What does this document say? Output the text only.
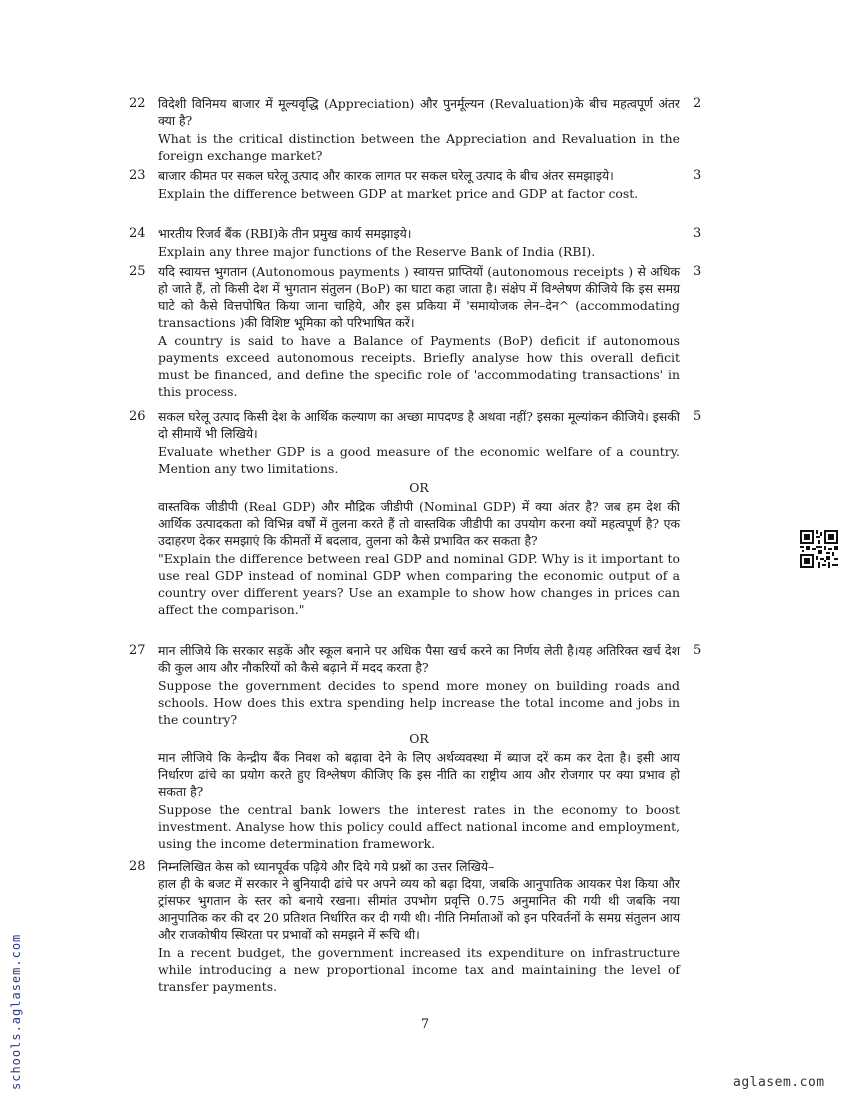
22 विदेशी विनिमय बाजार में मूल्यवृद्धि (Appreciation) और पुनर्मूल्यन (Revaluation)के बीच महत्वपूर्ण अंतर क्या है?

What is the critical distinction between the Appreciation and Revaluation in the foreign exchange market?

2
23 बाजार कीमत पर सकल घरेलू उत्पाद और कारक लागत पर सकल घरेलू उत्पाद के बीच अंतर समझाइये।

Explain the difference between GDP at market price and GDP at factor cost.

3
24 भारतीय रिजर्व बैंक (RBI)के तीन प्रमुख कार्य समझाइये।

Explain any three major functions of the Reserve Bank of India (RBI).

3
25 यदि स्वायत्त भुगतान (Autonomous payments ) स्वायत्त प्राप्तियों (autonomous receipts ) से अधिक हो जाते हैं, तो किसी देश में भुगतान संतुलन (BoP) का घाटा कहा जाता है। संक्षेप में विश्लेषण कीजिये कि इस समग्र घाटे को कैसे वित्तपोषित किया जाना चाहिये, और इस प्रकिया में 'समायोजक लेन–देन^ (accommodating transactions )की विशिष्ट भूमिका को परिभाषित करें।

A country is said to have a Balance of Payments (BoP) deficit if autonomous payments exceed autonomous receipts. Briefly analyse how this overall deficit must be financed, and define the specific role of 'accommodating transactions' in this process.

3
26 सकल घरेलू उत्पाद किसी देश के आर्थिक कल्याण का अच्छा मापदण्ड है अथवा नहीं? इसका मूल्यांकन कीजिये। इसकी दो सीमायें भी लिखिये।

Evaluate whether GDP is a good measure of the economic welfare of a country. Mention any two limitations.

OR

वास्तविक जीडीपी (Real GDP) और मौद्रिक जीडीपी (Nominal GDP) में क्या अंतर है? जब हम देश की आर्थिक उत्पादकता को विभिन्न वर्षों में तुलना करते हैं तो वास्तविक जीडीपी का उपयोग करना क्यों महत्वपूर्ण है? एक उदाहरण देकर समझाएं कि कीमतों में बदलाव, तुलना को कैसे प्रभावित कर सकता है?

"Explain the difference between real GDP and nominal GDP. Why is it important to use real GDP instead of nominal GDP when comparing the economic output of a country over different years? Use an example to show how changes in prices can affect the comparison."

5
27 मान लीजिये कि सरकार सड़कें और स्कूल बनाने पर अधिक पैसा खर्च करने का निर्णय लेती है।यह अतिरिक्त खर्च देश की कुल आय और नौकरियों को कैसे बढ़ाने में मदद करता है?

Suppose the government decides to spend more money on building roads and schools. How does this extra spending help increase the total income and jobs in the country?

OR

मान लीजिये कि केन्द्रीय बैंक निवश को बढ़ावा देने के लिए अर्थव्यवस्था में ब्याज दरें कम कर देता है। इसी आय निर्धारण ढांचे का प्रयोग करते हुए विश्लेषण कीजिए कि इस नीति का राष्ट्रीय आय और रोजगार पर क्या प्रभाव हो सकता है?

Suppose the central bank lowers the interest rates in the economy to boost investment. Analyse how this policy could affect national income and employment, using the income determination framework.

5
28 निम्नलिखित केस को ध्यानपूर्वक पढ़िये और दिये गये प्रश्नों का उत्तर लिखिये–

हाल ही के बजट में सरकार ने बुनियादी ढांचे पर अपने व्यय को बढ़ा दिया, जबकि आनुपातिक आयकर पेश किया और ट्रांसफर भुगतान के स्तर को बनाये रखना। सीमांत उपभोग प्रवृत्ति 0.75 अनुमानित की गयी थी जबकि नया आनुपातिक कर की दर 20 प्रतिशत निर्धारित कर दी गयी थी। नीति निर्माताओं को इन परिवर्तनों के समग्र संतुलन आय और राजकोषीय स्थिरता पर प्रभावों को समझने में रूचि थी।

In a recent budget, the government increased its expenditure on infrastructure while introducing a new proportional income tax and maintaining the level of transfer payments.

7
aglasem.com
schools.aglasem.com
